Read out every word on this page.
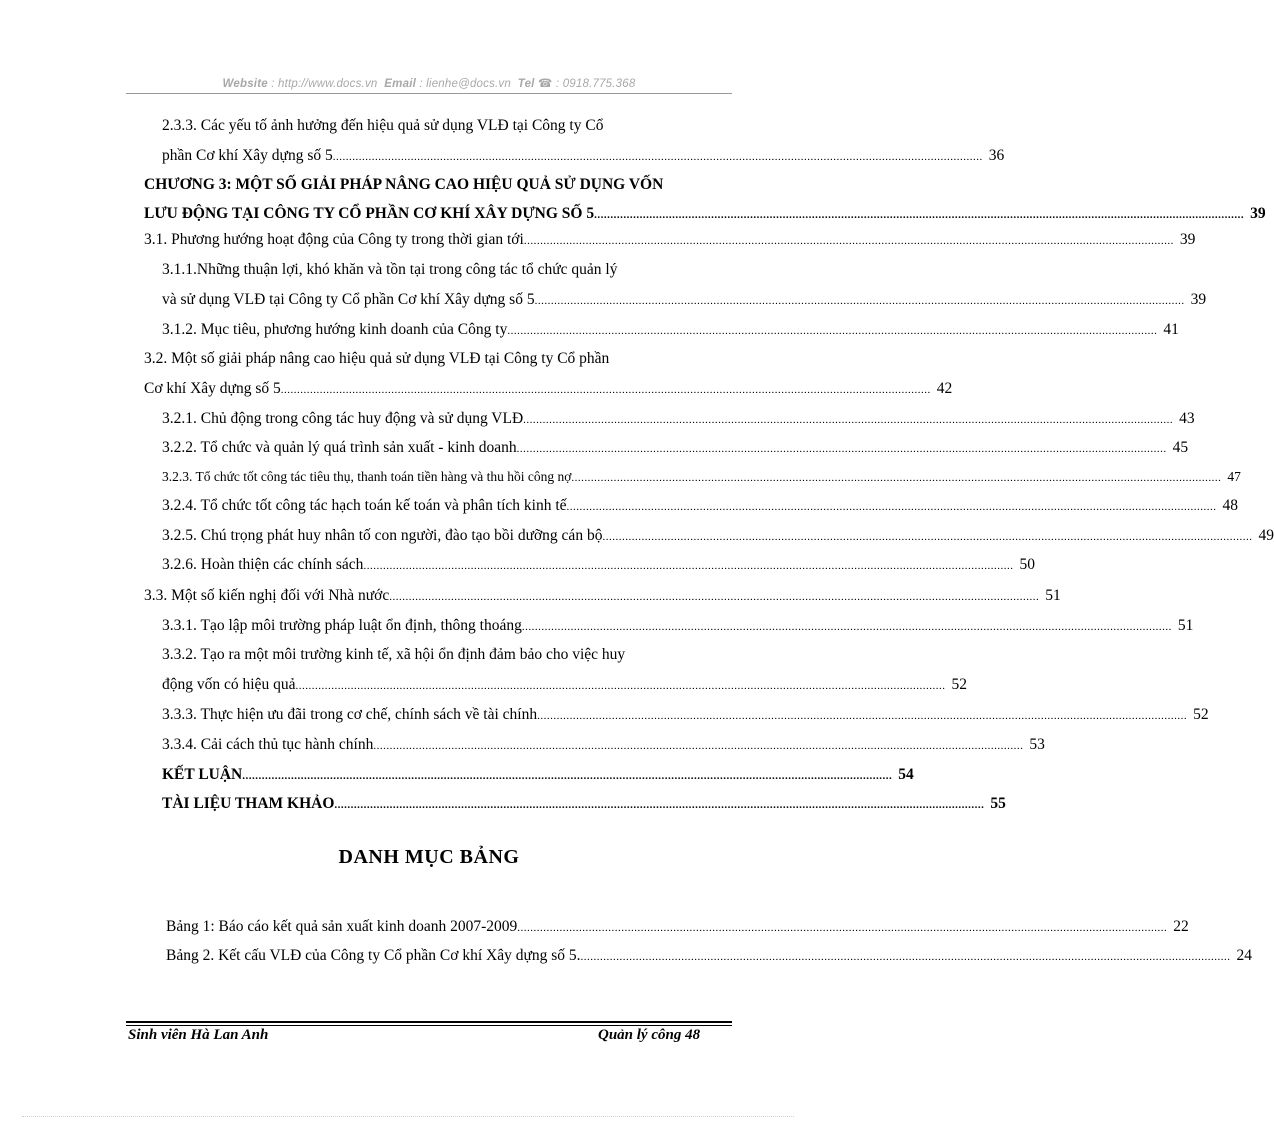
Website : http://www.docs.vn Email : lienhe@docs.vn Tel ☎ : 0918.775.368
2.3.3. Các yếu tố ảnh hưởng đến hiệu quả sử dụng VLĐ tại Công ty Cổ
phần Cơ khí Xây dựng số 5 ........................................................................................................................................................................................................ 36
CHƯƠNG 3: MỘT SỐ GIẢI PHÁP NÂNG CAO HIỆU QUẢ SỬ DỤNG VỐN
LƯU ĐỘNG TẠI CÔNG TY CỔ PHẦN CƠ KHÍ XÂY DỰNG SỐ 5 ........................................................................................................................................................................................................ 39
3.1. Phương hướng hoạt động của Công ty trong thời gian tới ........................................................................................................................................................................................................ 39
3.1.1.Những thuận lợi, khó khăn và tồn tại trong công tác tổ chức quản lý
và sử dụng VLĐ tại Công ty Cổ phần Cơ khí Xây dựng số 5 ........................................................................................................................................................................................................ 39
3.1.2. Mục tiêu, phương hướng kinh doanh của Công ty ........................................................................................................................................................................................................ 41
3.2. Một số giải pháp nâng cao hiệu quả sử dụng VLĐ tại Công ty Cổ phần
Cơ khí Xây dựng số 5 ........................................................................................................................................................................................................ 42
3.2.1. Chủ động trong công tác huy động và sử dụng VLĐ ........................................................................................................................................................................................................ 43
3.2.2. Tổ chức và quản lý quá trình sản xuất - kinh doanh ........................................................................................................................................................................................................ 45
3.2.3. Tổ chức tốt công tác tiêu thụ, thanh toán tiền hàng và thu hồi công nợ ........................................................................................................................................................................................................ 47
3.2.4. Tổ chức tốt công tác hạch toán kế toán và phân tích kinh tế ........................................................................................................................................................................................................ 48
3.2.5. Chú trọng phát huy nhân tố con người, đào tạo bồi dưỡng cán bộ ........................................................................................................................................................................................................ 49
3.2.6. Hoàn thiện các chính sách ........................................................................................................................................................................................................ 50
3.3. Một số kiến nghị đối với Nhà nước ........................................................................................................................................................................................................ 51
3.3.1. Tạo lập môi trường pháp luật ổn định, thông thoáng ........................................................................................................................................................................................................ 51
3.3.2. Tạo ra một môi trường kinh tế, xã hội ổn định đảm bảo cho việc huy
động vốn có hiệu quả ........................................................................................................................................................................................................ 52
3.3.3. Thực hiện ưu đãi trong cơ chế, chính sách về tài chính ........................................................................................................................................................................................................ 52
3.3.4. Cải cách thủ tục hành chính ........................................................................................................................................................................................................ 53
KẾT LUẬN ........................................................................................................................................................................................................ 54
TÀI LIỆU THAM KHẢO ........................................................................................................................................................................................................ 55
DANH MỤC BẢNG
Bảng 1: Báo cáo kết quả sản xuất kinh doanh 2007-2009 ........................................................................................................................................................................................................ 22
Bảng 2. Kết cấu VLĐ của Công ty Cổ phần Cơ khí Xây dựng số 5. ........................................................................................................................................................................................................ 24
Sinh viên Hà Lan Anh	Quản lý công 48
